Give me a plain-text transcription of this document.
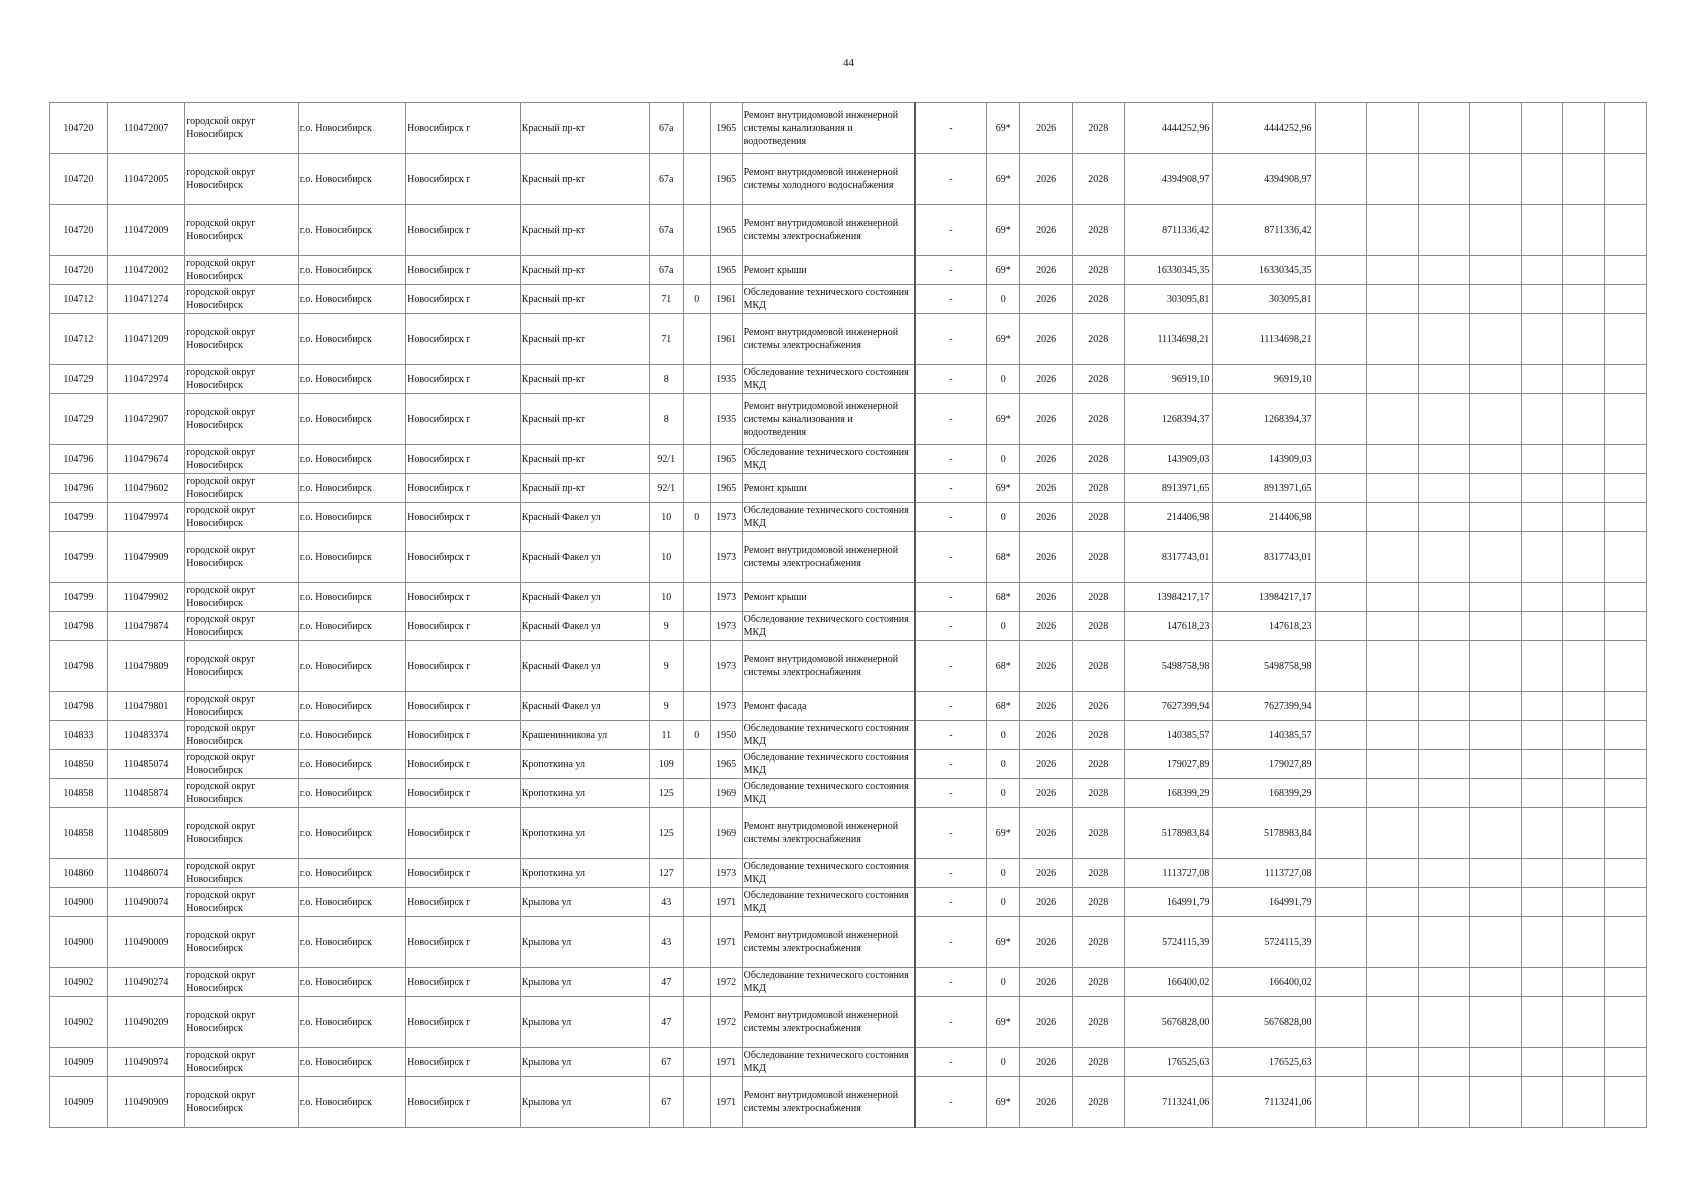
44
104720	110472007	городской округ Новосибирск	г.о. Новосибирск	Новосибирск г	Красный пр-кт	67а		1965	Ремонт внутридомовой инженерной системы канализования и водоотведения	-	69*	2026	2028	4444252,96	4444252,96							
104720	110472005	городской округ Новосибирск	г.о. Новосибирск	Новосибирск г	Красный пр-кт	67а		1965	Ремонт внутридомовой инженерной системы холодного водоснабжения	-	69*	2026	2028	4394908,97	4394908,97							
104720	110472009	городской округ Новосибирск	г.о. Новосибирск	Новосибирск г	Красный пр-кт	67а		1965	Ремонт внутридомовой инженерной системы электроснабжения	-	69*	2026	2028	8711336,42	8711336,42							
104720	110472002	городской округ Новосибирск	г.о. Новосибирск	Новосибирск г	Красный пр-кт	67а		1965	Ремонт крыши	-	69*	2026	2028	16330345,35	16330345,35							
104712	110471274	городской округ Новосибирск	г.о. Новосибирск	Новосибирск г	Красный пр-кт	71	0	1961	Обследование технического состояния МКД	-	0	2026	2028	303095,81	303095,81							
104712	110471209	городской округ Новосибирск	г.о. Новосибирск	Новосибирск г	Красный пр-кт	71		1961	Ремонт внутридомовой инженерной системы электроснабжения	-	69*	2026	2028	11134698,21	11134698,21							
104729	110472974	городской округ Новосибирск	г.о. Новосибирск	Новосибирск г	Красный пр-кт	8		1935	Обследование технического состояния МКД	-	0	2026	2028	96919,10	96919,10							
104729	110472907	городской округ Новосибирск	г.о. Новосибирск	Новосибирск г	Красный пр-кт	8		1935	Ремонт внутридомовой инженерной системы канализования и водоотведения	-	69*	2026	2028	1268394,37	1268394,37							
104796	110479674	городской округ Новосибирск	г.о. Новосибирск	Новосибирск г	Красный пр-кт	92/1		1965	Обследование технического состояния МКД	-	0	2026	2028	143909,03	143909,03							
104796	110479602	городской округ Новосибирск	г.о. Новосибирск	Новосибирск г	Красный пр-кт	92/1		1965	Ремонт крыши	-	69*	2026	2028	8913971,65	8913971,65							
104799	110479974	городской округ Новосибирск	г.о. Новосибирск	Новосибирск г	Красный Факел ул	10	0	1973	Обследование технического состояния МКД	-	0	2026	2028	214406,98	214406,98							
104799	110479909	городской округ Новосибирск	г.о. Новосибирск	Новосибирск г	Красный Факел ул	10		1973	Ремонт внутридомовой инженерной системы электроснабжения	-	68*	2026	2028	8317743,01	8317743,01							
104799	110479902	городской округ Новосибирск	г.о. Новосибирск	Новосибирск г	Красный Факел ул	10		1973	Ремонт крыши	-	68*	2026	2028	13984217,17	13984217,17							
104798	110479874	городской округ Новосибирск	г.о. Новосибирск	Новосибирск г	Красный Факел ул	9		1973	Обследование технического состояния МКД	-	0	2026	2028	147618,23	147618,23							
104798	110479809	городской округ Новосибирск	г.о. Новосибирск	Новосибирск г	Красный Факел ул	9		1973	Ремонт внутридомовой инженерной системы электроснабжения	-	68*	2026	2028	5498758,98	5498758,98							
104798	110479801	городской округ Новосибирск	г.о. Новосибирск	Новосибирск г	Красный Факел ул	9		1973	Ремонт фасада	-	68*	2026	2026	7627399,94	7627399,94							
104833	110483374	городской округ Новосибирск	г.о. Новосибирск	Новосибирск г	Крашенинникова ул	11	0	1950	Обследование технического состояния МКД	-	0	2026	2028	140385,57	140385,57							
104850	110485074	городской округ Новосибирск	г.о. Новосибирск	Новосибирск г	Кропоткина ул	109		1965	Обследование технического состояния МКД	-	0	2026	2028	179027,89	179027,89							
104858	110485874	городской округ Новосибирск	г.о. Новосибирск	Новосибирск г	Кропоткина ул	125		1969	Обследование технического состояния МКД	-	0	2026	2028	168399,29	168399,29							
104858	110485809	городской округ Новосибирск	г.о. Новосибирск	Новосибирск г	Кропоткина ул	125		1969	Ремонт внутридомовой инженерной системы электроснабжения	-	69*	2026	2028	5178983,84	5178983,84							
104860	110486074	городской округ Новосибирск	г.о. Новосибирск	Новосибирск г	Кропоткина ул	127		1973	Обследование технического состояния МКД	-	0	2026	2028	1113727,08	1113727,08							
104900	110490074	городской округ Новосибирск	г.о. Новосибирск	Новосибирск г	Крылова ул	43		1971	Обследование технического состояния МКД	-	0	2026	2028	164991,79	164991,79							
104900	110490009	городской округ Новосибирск	г.о. Новосибирск	Новосибирск г	Крылова ул	43		1971	Ремонт внутридомовой инженерной системы электроснабжения	-	69*	2026	2028	5724115,39	5724115,39							
104902	110490274	городской округ Новосибирск	г.о. Новосибирск	Новосибирск г	Крылова ул	47		1972	Обследование технического состояния МКД	-	0	2026	2028	166400,02	166400,02							
104902	110490209	городской округ Новосибирск	г.о. Новосибирск	Новосибирск г	Крылова ул	47		1972	Ремонт внутридомовой инженерной системы электроснабжения	-	69*	2026	2028	5676828,00	5676828,00							
104909	110490974	городской округ Новосибирск	г.о. Новосибирск	Новосибирск г	Крылова ул	67		1971	Обследование технического состояния МКД	-	0	2026	2028	176525,63	176525,63							
104909	110490909	городской округ Новосибирск	г.о. Новосибирск	Новосибирск г	Крылова ул	67		1971	Ремонт внутридомовой инженерной системы электроснабжения	-	69*	2026	2028	7113241,06	7113241,06							
